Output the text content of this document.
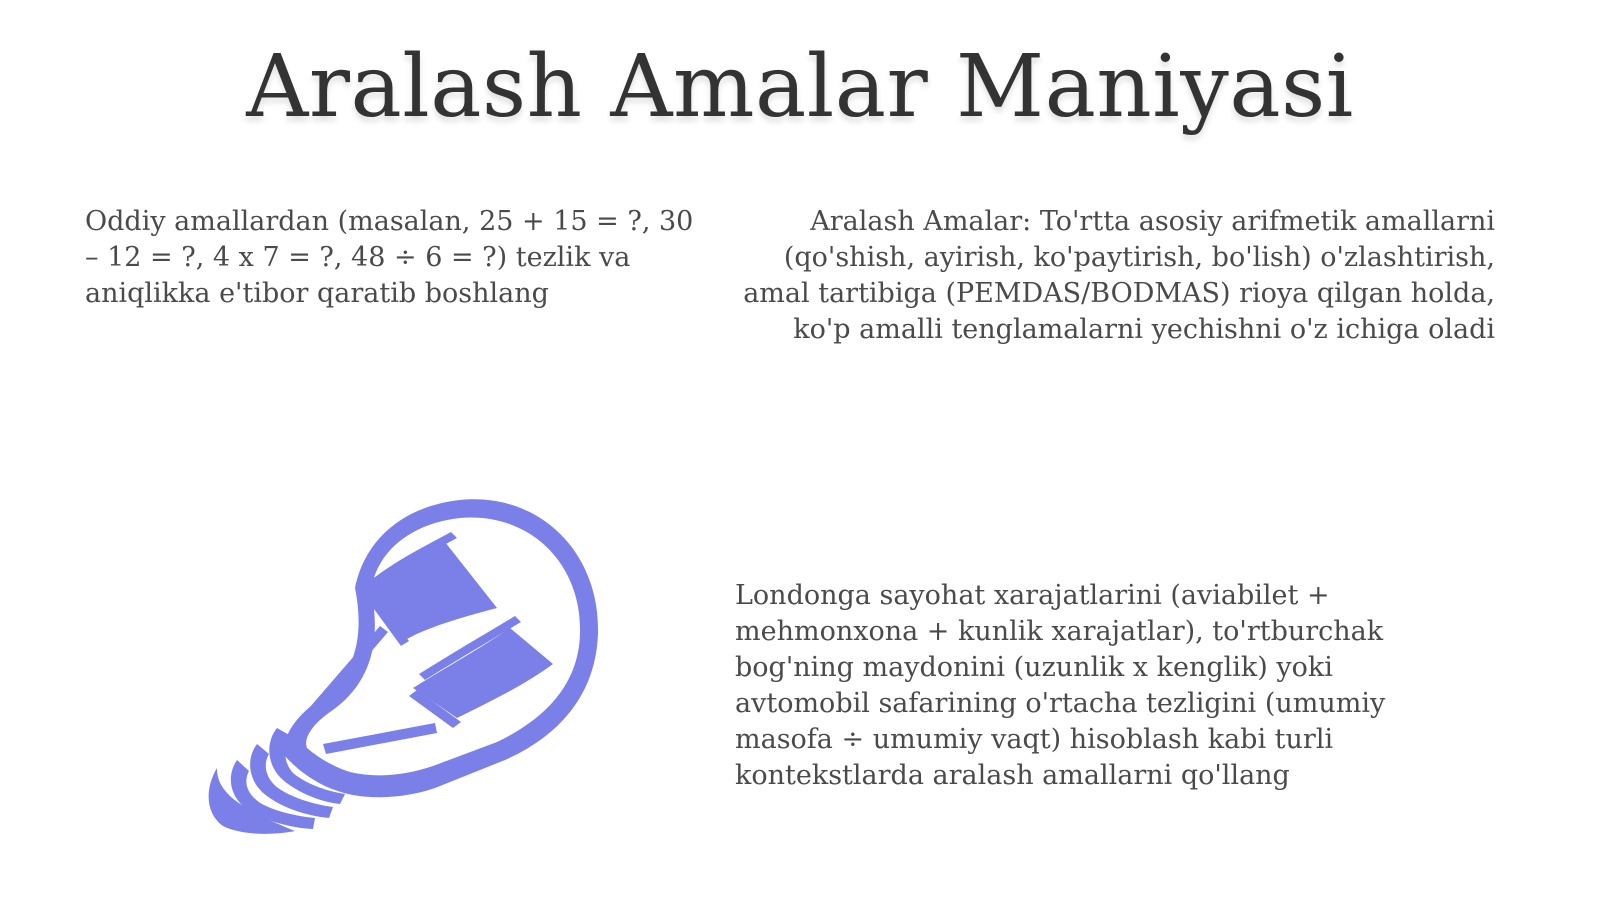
Aralash Amalar Maniyasi
Oddiy amallardan (masalan, 25 + 15 = ?, 30 – 12 = ?, 4 x 7 = ?, 48 ÷ 6 = ?) tezlik va aniqlikka e'tibor qaratib boshlang
Aralash Amalar: To'rtta asosiy arifmetik amallarni (qo'shish, ayirish, ko'paytirish, bo'lish) o'zlashtirish, amal tartibiga (PEMDAS/BODMAS) rioya qilgan holda, ko'p amalli tenglamalarni yechishni o'z ichiga oladi
Londonga sayohat xarajatlarini (aviabilet + mehmonxona + kunlik xarajatlar), to'rtburchak bog'ning maydonini (uzunlik x kenglik) yoki avtomobil safarining o'rtacha tezligini (umumiy masofa ÷ umumiy vaqt) hisoblash kabi turli kontekstlarda aralash amallarni qo'llang
